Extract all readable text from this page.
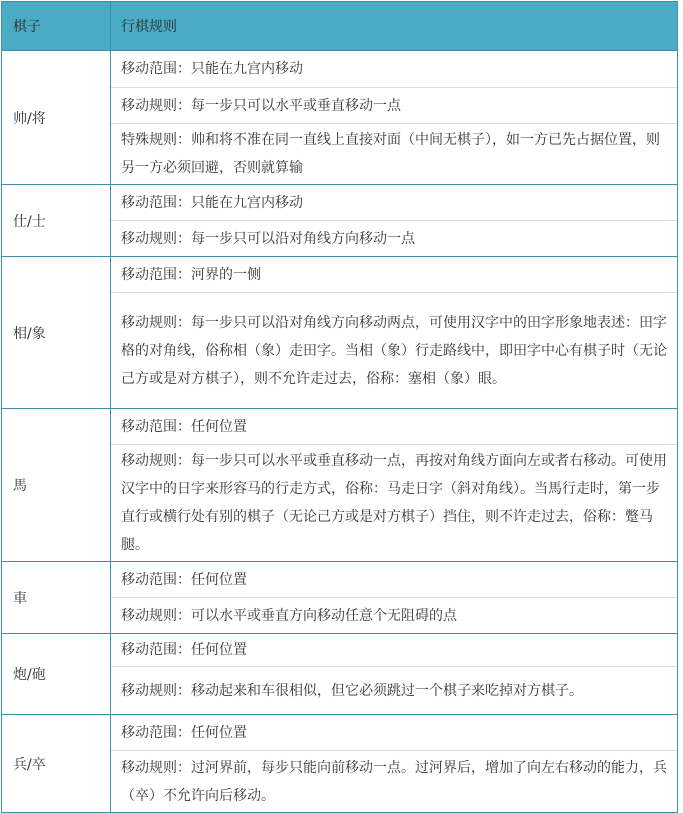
棋子	行棋规则
帅/将
移动范围：只能在九宫内移动
移动规则：每一步只可以水平或垂直移动一点
特殊规则：帅和将不准在同一直线上直接对面（中间无棋子），如一方已先占据位置，则另一方必须回避，否则就算输
仕/士
移动范围：只能在九宫内移动
移动规则：每一步只可以沿对角线方向移动一点
相/象
移动范围：河界的一侧
移动规则：每一步只可以沿对角线方向移动两点，可使用汉字中的田字形象地表述：田字格的对角线，俗称相（象）走田字。当相（象）行走路线中，即田字中心有棋子时（无论己方或是对方棋子），则不允许走过去，俗称：塞相（象）眼。
馬
移动范围：任何位置
移动规则：每一步只可以水平或垂直移动一点，再按对角线方面向左或者右移动。可使用汉字中的日字来形容马的行走方式，俗称：马走日字（斜对角线）。当馬行走时，第一步直行或横行处有别的棋子（无论己方或是对方棋子）挡住，则不许走过去，俗称：蹩马腿。
車
移动范围：任何位置
移动规则：可以水平或垂直方向移动任意个无阻碍的点
炮/砲
移动范围：任何位置
移动规则：移动起来和车很相似，但它必须跳过一个棋子来吃掉对方棋子。
兵/卒
移动范围：任何位置
移动规则：过河界前，每步只能向前移动一点。过河界后，增加了向左右移动的能力，兵（卒）不允许向后移动。
